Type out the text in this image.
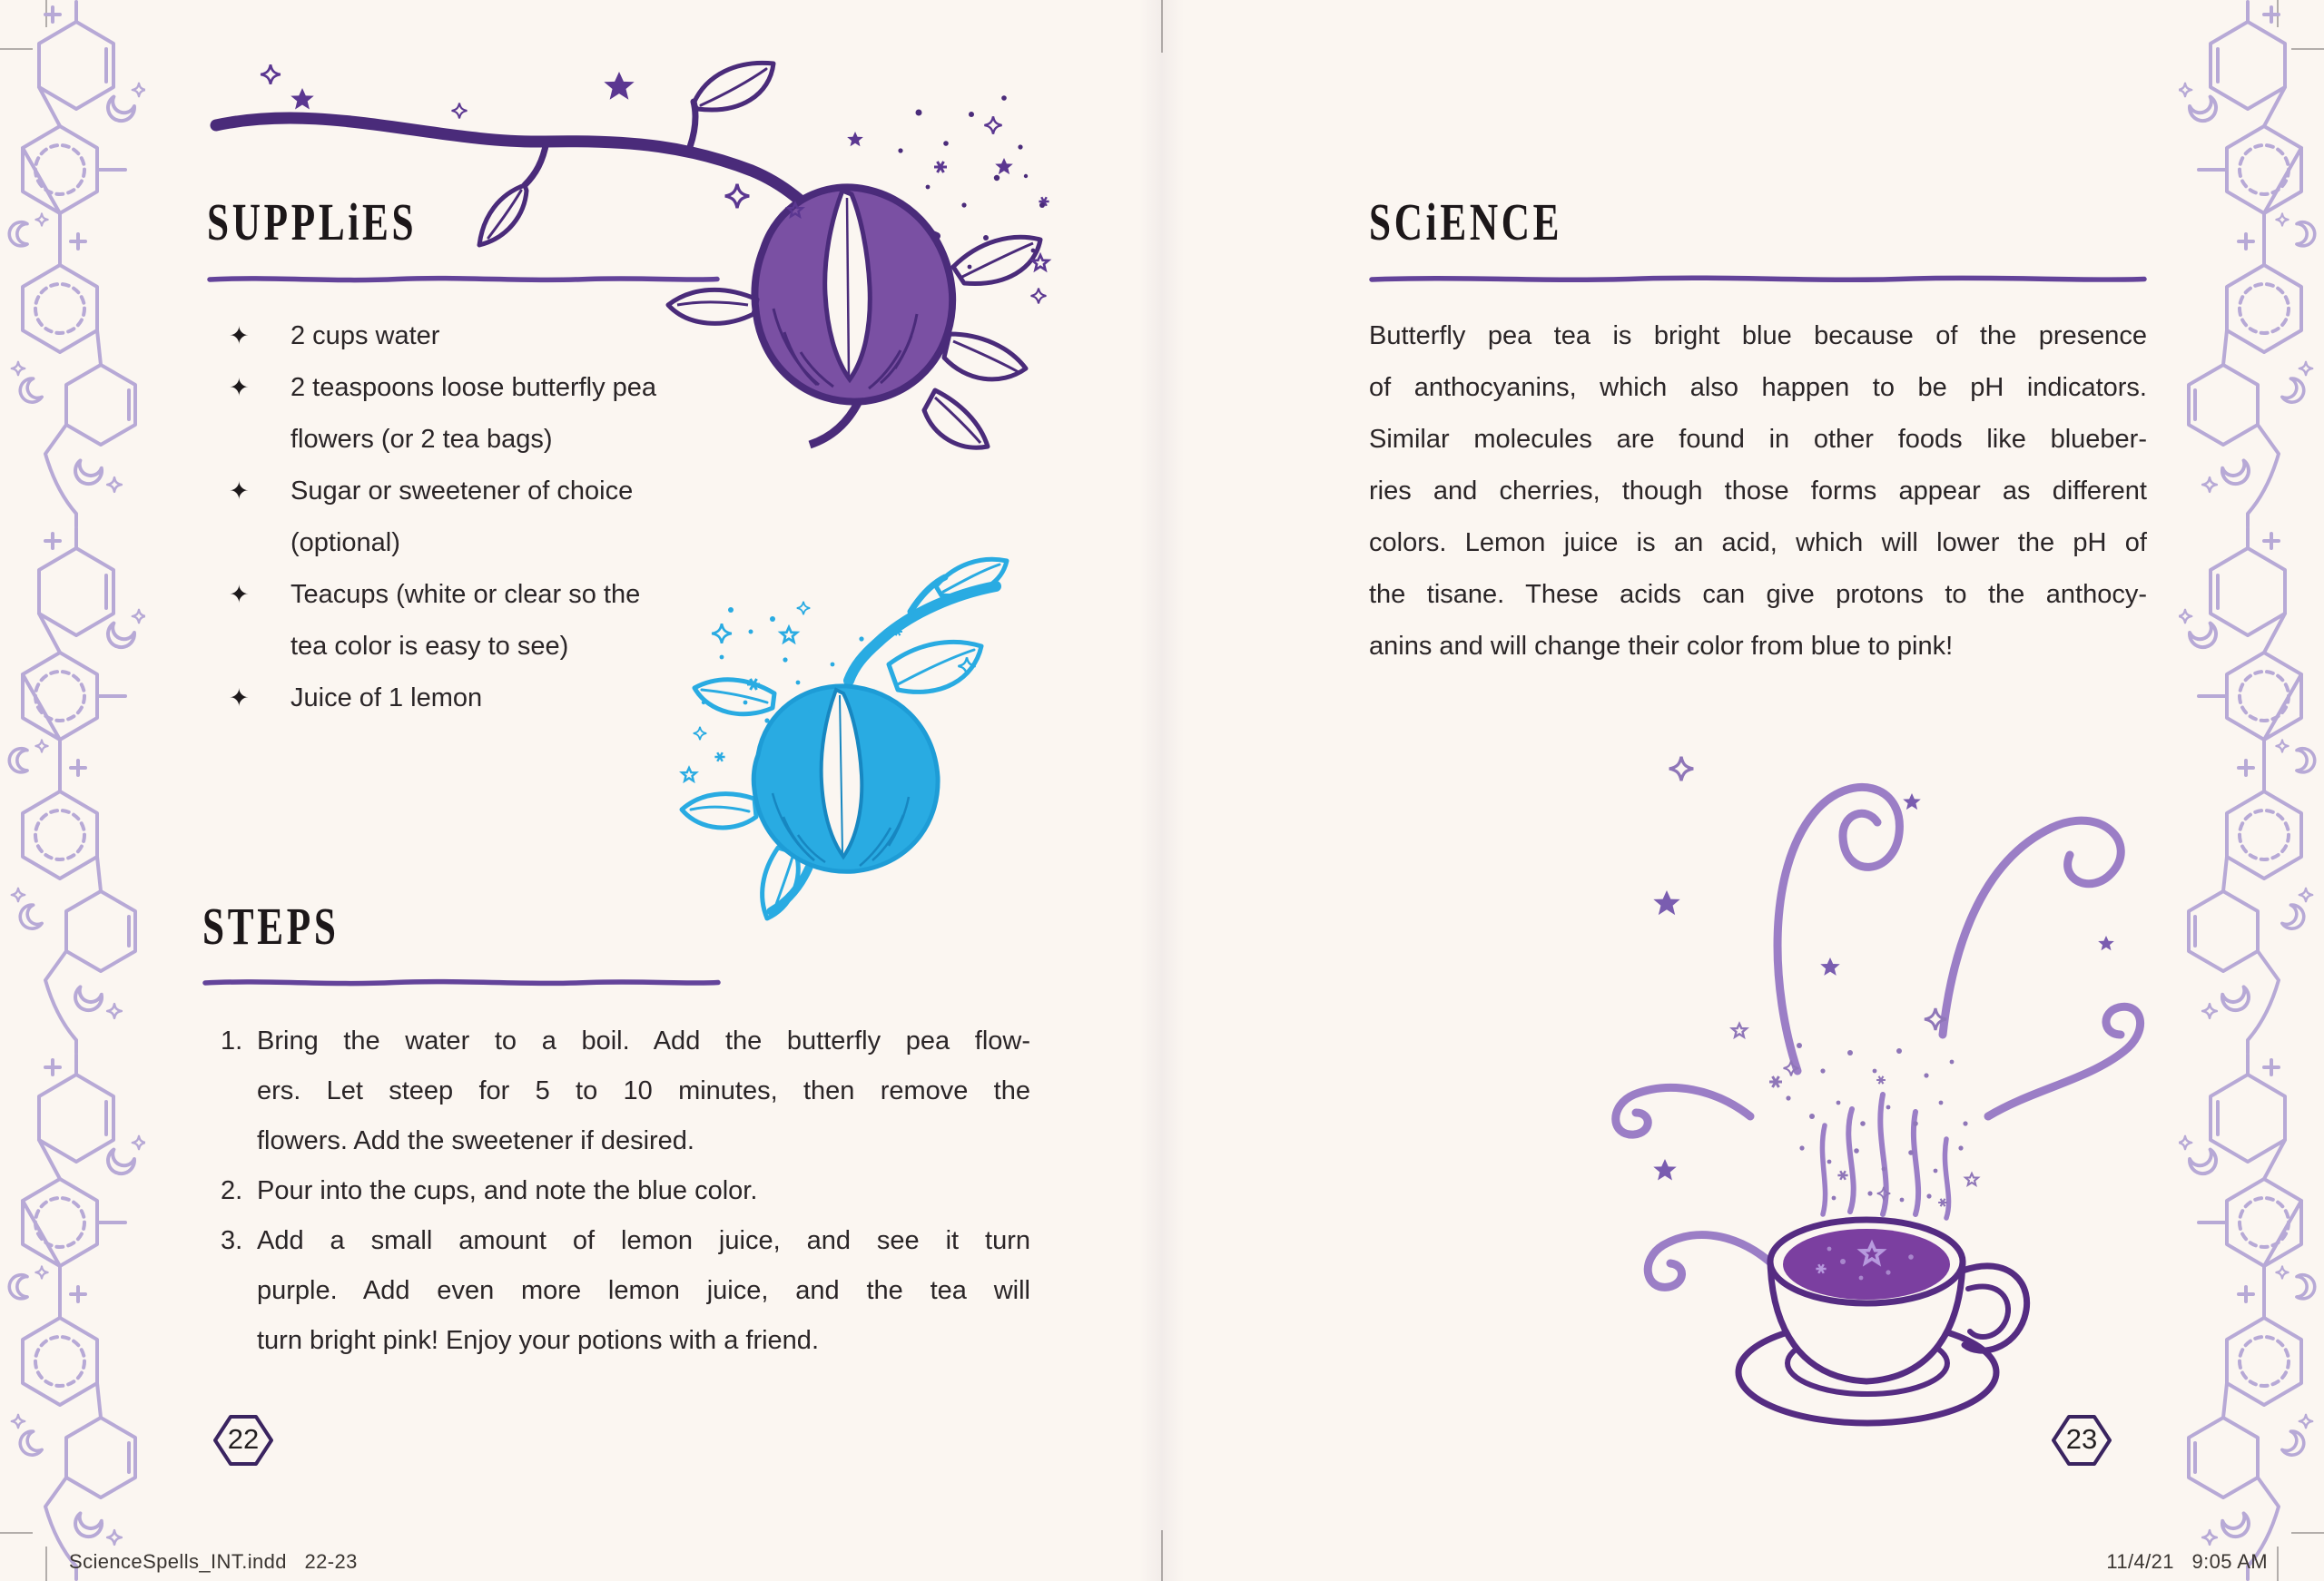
SUPPLiES
✦	2 cups water
✦	2 teaspoons loose butterfly pea
flowers (or 2 tea bags)
✦	Sugar or sweetener of choice
(optional)
✦	Teacups (white or clear so the
tea color is easy to see)
✦	Juice of 1 lemon
STEPS
1. Bring the water to a boil. Add the butterfly pea flow-
ers. Let steep for 5 to 10 minutes, then remove the
flowers. Add the sweetener if desired.
2. Pour into the cups, and note the blue color.
3. Add a small amount of lemon juice, and see it turn
purple. Add even more lemon juice, and the tea will
turn bright pink! Enjoy your potions with a friend.
22
SCiENCE
Butterfly pea tea is bright blue because of the presence
of anthocyanins, which also happen to be pH indicators.
Similar molecules are found in other foods like blueber-
ries and cherries, though those forms appear as different
colors. Lemon juice is an acid, which will lower the pH of
the tisane. These acids can give protons to the anthocy-
anins and will change their color from blue to pink!
23
ScienceSpells_INT.indd   22-23	11/4/21   9:05 AM
